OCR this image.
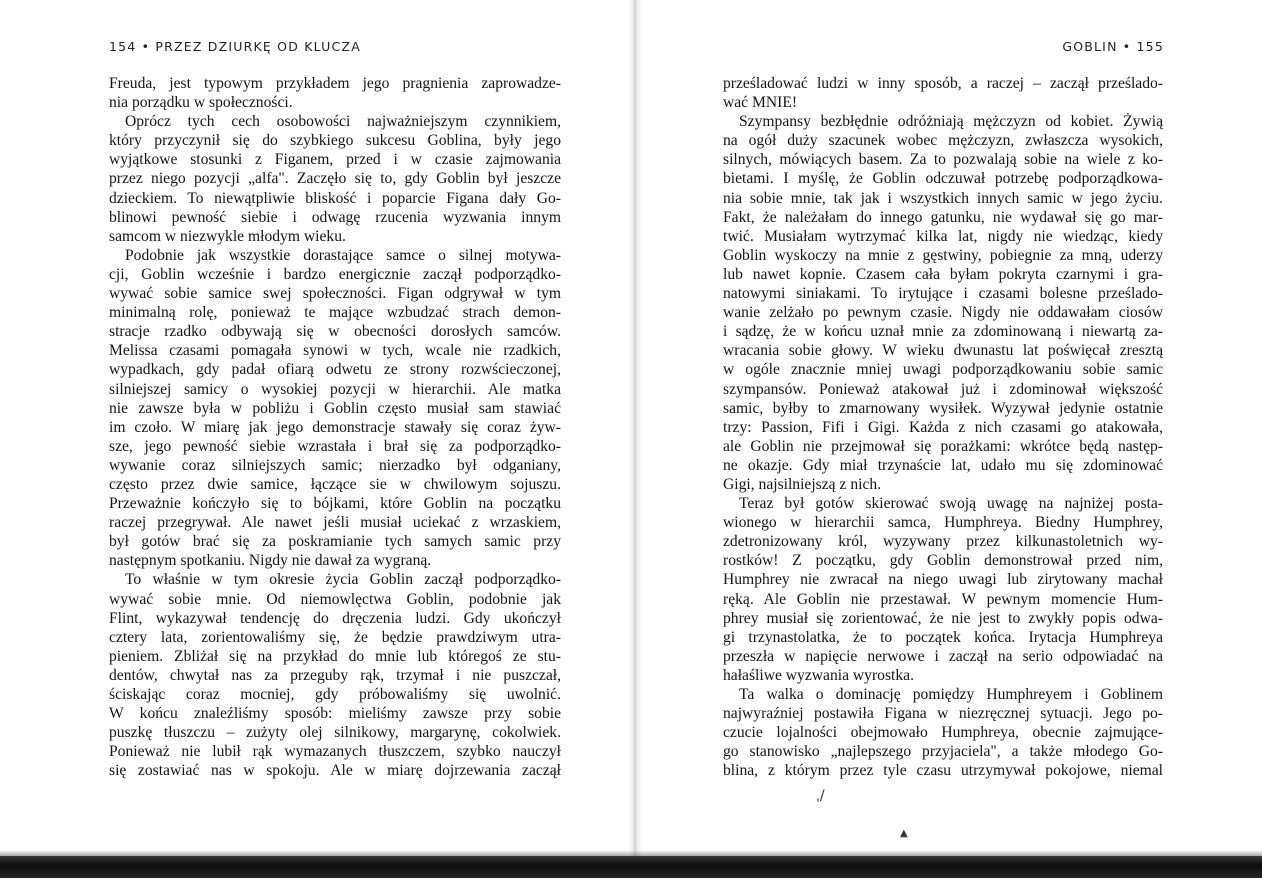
154 • PRZEZ DZIURKĘ OD KLUCZA
Freuda, jest typowym przykładem jego pragnienia zaprowadze-
nia porządku w społeczności.
Oprócz tych cech osobowości najważniejszym czynnikiem,
który przyczynił się do szybkiego sukcesu Goblina, były jego
wyjątkowe stosunki z Figanem, przed i w czasie zajmowania
przez niego pozycji „alfa". Zaczęło się to, gdy Goblin był jeszcze
dzieckiem. To niewątpliwie bliskość i poparcie Figana dały Go-
blinowi pewność siebie i odwagę rzucenia wyzwania innym
samcom w niezwykle młodym wieku.
Podobnie jak wszystkie dorastające samce o silnej motywa-
cji, Goblin wcześnie i bardzo energicznie zaczął podporządko-
wywać sobie samice swej społeczności. Figan odgrywał w tym
minimalną rolę, ponieważ te mające wzbudzać strach demon-
stracje rzadko odbywają się w obecności dorosłych samców.
Melissa czasami pomagała synowi w tych, wcale nie rzadkich,
wypadkach, gdy padał ofiarą odwetu ze strony rozwścieczonej,
silniejszej samicy o wysokiej pozycji w hierarchii. Ale matka
nie zawsze była w pobliżu i Goblin często musiał sam stawiać
im czoło. W miarę jak jego demonstracje stawały się coraz żyw-
sze, jego pewność siebie wzrastała i brał się za podporządko-
wywanie coraz silniejszych samic; nierzadko był odganiany,
często przez dwie samice, łączące sie w chwilowym sojuszu.
Przeważnie kończyło się to bójkami, które Goblin na początku
raczej przegrywał. Ale nawet jeśli musiał uciekać z wrzaskiem,
był gotów brać się za poskramianie tych samych samic przy
następnym spotkaniu. Nigdy nie dawał za wygraną.
To właśnie w tym okresie życia Goblin zaczął podporządko-
wywać sobie mnie. Od niemowlęctwa Goblin, podobnie jak
Flint, wykazywał tendencję do dręczenia ludzi. Gdy ukończył
cztery lata, zorientowaliśmy się, że będzie prawdziwym utra-
pieniem. Zbliżał się na przykład do mnie lub któregoś ze stu-
dentów, chwytał nas za przeguby rąk, trzymał i nie puszczał,
ściskając coraz mocniej, gdy próbowaliśmy się uwolnić.
W końcu znaleźliśmy sposób: mieliśmy zawsze przy sobie
puszkę tłuszczu – zużyty olej silnikowy, margarynę, cokolwiek.
Ponieważ nie lubił rąk wymazanych tłuszczem, szybko nauczył
się zostawiać nas w spokoju. Ale w miarę dojrzewania zaczął
GOBLIN • 155
prześladować ludzi w inny sposób, a raczej – zaczął prześlado-
wać MNIE!
Szympansy bezbłędnie odróżniają mężczyzn od kobiet. Żywią
na ogół duży szacunek wobec mężczyzn, zwłaszcza wysokich,
silnych, mówiących basem. Za to pozwalają sobie na wiele z ko-
bietami. I myślę, że Goblin odczuwał potrzebę podporządkowa-
nia sobie mnie, tak jak i wszystkich innych samic w jego życiu.
Fakt, że należałam do innego gatunku, nie wydawał się go mar-
twić. Musiałam wytrzymać kilka lat, nigdy nie wiedząc, kiedy
Goblin wyskoczy na mnie z gęstwiny, pobiegnie za mną, uderzy
lub nawet kopnie. Czasem cała byłam pokryta czarnymi i gra-
natowymi siniakami. To irytujące i czasami bolesne prześlado-
wanie zelżało po pewnym czasie. Nigdy nie oddawałam ciosów
i sądzę, że w końcu uznał mnie za zdominowaną i niewartą za-
wracania sobie głowy. W wieku dwunastu lat poświęcał zresztą
w ogóle znacznie mniej uwagi podporządkowaniu sobie samic
szympansów. Ponieważ atakował już i zdominował większość
samic, byłby to zmarnowany wysiłek. Wyzywał jedynie ostatnie
trzy: Passion, Fifi i Gigi. Każda z nich czasami go atakowała,
ale Goblin nie przejmował się porażkami: wkrótce będą następ-
ne okazje. Gdy miał trzynaście lat, udało mu się zdominować
Gigi, najsilniejszą z nich.
Teraz był gotów skierować swoją uwagę na najniżej posta-
wionego w hierarchii samca, Humphreya. Biedny Humphrey,
zdetronizowany król, wyzywany przez kilkunastoletnich wy-
rostków! Z początku, gdy Goblin demonstrował przed nim,
Humphrey nie zwracał na niego uwagi lub zirytowany machał
ręką. Ale Goblin nie przestawał. W pewnym momencie Hum-
phrey musiał się zorientować, że nie jest to zwykły popis odwa-
gi trzynastolatka, że to początek końca. Irytacja Humphreya
przeszła w napięcie nerwowe i zaczął na serio odpowiadać na
hałaśliwe wyzwania wyrostka.
Ta walka o dominację pomiędzy Humphreyem i Goblinem
najwyraźniej postawiła Figana w niezręcznej sytuacji. Jego po-
czucie lojalności obejmowało Humphreya, obecnie zajmujące-
go stanowisko „najlepszego przyjaciela", a także młodego Go-
blina, z którym przez tyle czasu utrzymywał pokojowe, niemal
ˌ/
▲
